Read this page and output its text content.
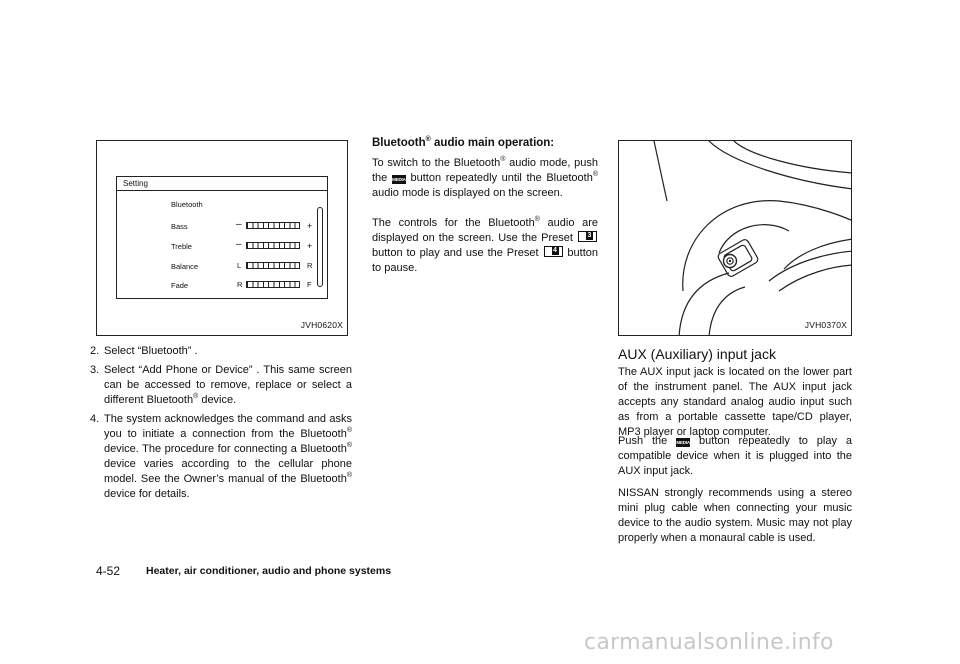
Setting
Bluetooth
Bass	–	+
Treble	–	+
Balance	L	R
Fade	R	F
JVH0620X
2. Select “Bluetooth” .
3. Select “Add Phone or Device” . This same screen can be accessed to remove, replace or select a different Bluetooth® device.
4. The system acknowledges the command and asks you to initiate a connection from the Bluetooth® device. The procedure for connecting a Bluetooth® device varies according to the cellular phone model. See the Owner’s manual of the Bluetooth® device for details.
Bluetooth® audio main operation:
To switch to the Bluetooth® audio mode, push the MEDIA button repeatedly until the Bluetooth® audio mode is displayed on the screen.
The controls for the Bluetooth® audio are displayed on the screen. Use the Preset 3
button to play and use the Preset 4 button to pause.
JVH0370X
AUX (Auxiliary) input jack
The AUX input jack is located on the lower part of the instrument panel. The AUX input jack accepts any standard analog audio input such as from a portable cassette tape/CD player, MP3 player or laptop computer.
Push the MEDIA button repeatedly to play a compatible device when it is plugged into the AUX input jack.
NISSAN strongly recommends using a stereo mini plug cable when connecting your music device to the audio system. Music may not play properly when a monaural cable is used.
4-52 Heater, air conditioner, audio and phone systems
carmanualsonline.info
